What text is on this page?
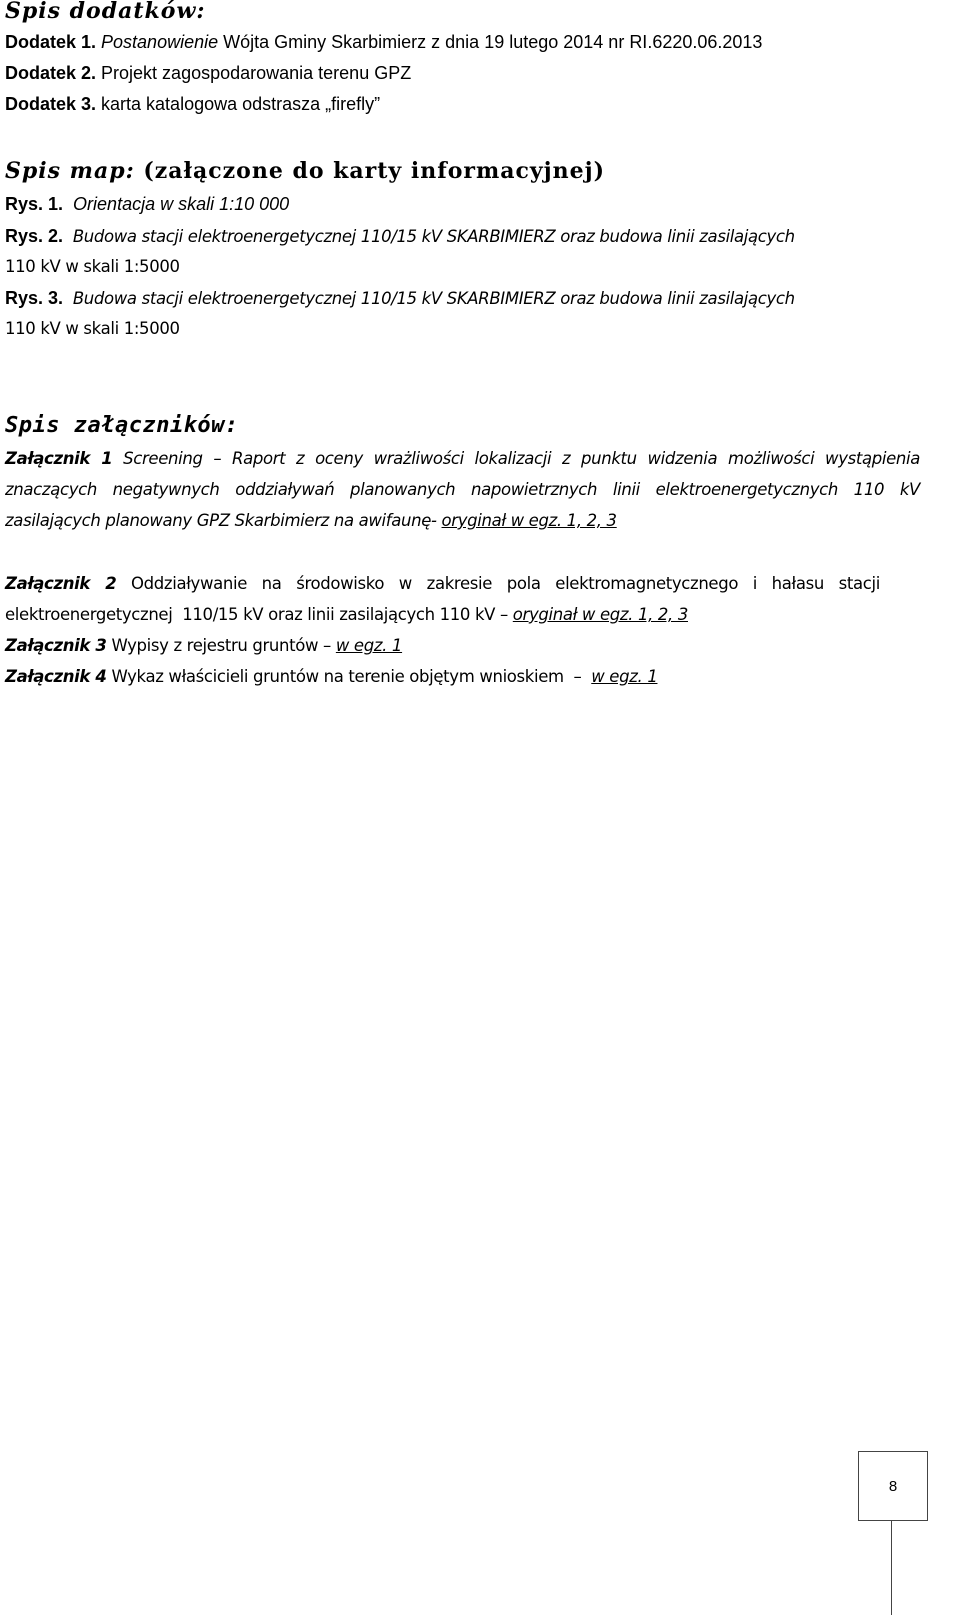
Spis dodatków:
Dodatek 1. Postanowienie Wójta Gminy Skarbimierz z dnia 19 lutego 2014 nr RI.6220.06.2013
Dodatek 2. Projekt zagospodarowania terenu GPZ
Dodatek 3. karta katalogowa odstrasza „firefly”
Spis map: (załączone do karty informacyjnej)
Rys. 1.  Orientacja w skali 1:10 000
Rys. 2.  Budowa stacji elektroenergetycznej 110/15 kV SKARBIMIERZ oraz budowa linii zasilających
110 kV w skali 1:5000
Rys. 3.  Budowa stacji elektroenergetycznej 110/15 kV SKARBIMIERZ oraz budowa linii zasilających
110 kV w skali 1:5000
Spis załączników:
Załącznik 1 Screening – Raport z oceny wrażliwości lokalizacji z punktu widzenia możliwości wystąpienia znaczących negatywnych oddziaływań planowanych napowietrznych linii elektroenergetycznych 110 kV zasilających planowany GPZ Skarbimierz na awifaunę- oryginał w egz. 1, 2, 3
Załącznik 2 Oddziaływanie na środowisko w zakresie pola elektromagnetycznego i hałasu stacji elektroenergetycznej  110/15 kV oraz linii zasilających 110 kV – oryginał w egz. 1, 2, 3
Załącznik 3 Wypisy z rejestru gruntów – w egz. 1
Załącznik 4 Wykaz właścicieli gruntów na terenie objętym wnioskiem  –  w egz. 1
8
